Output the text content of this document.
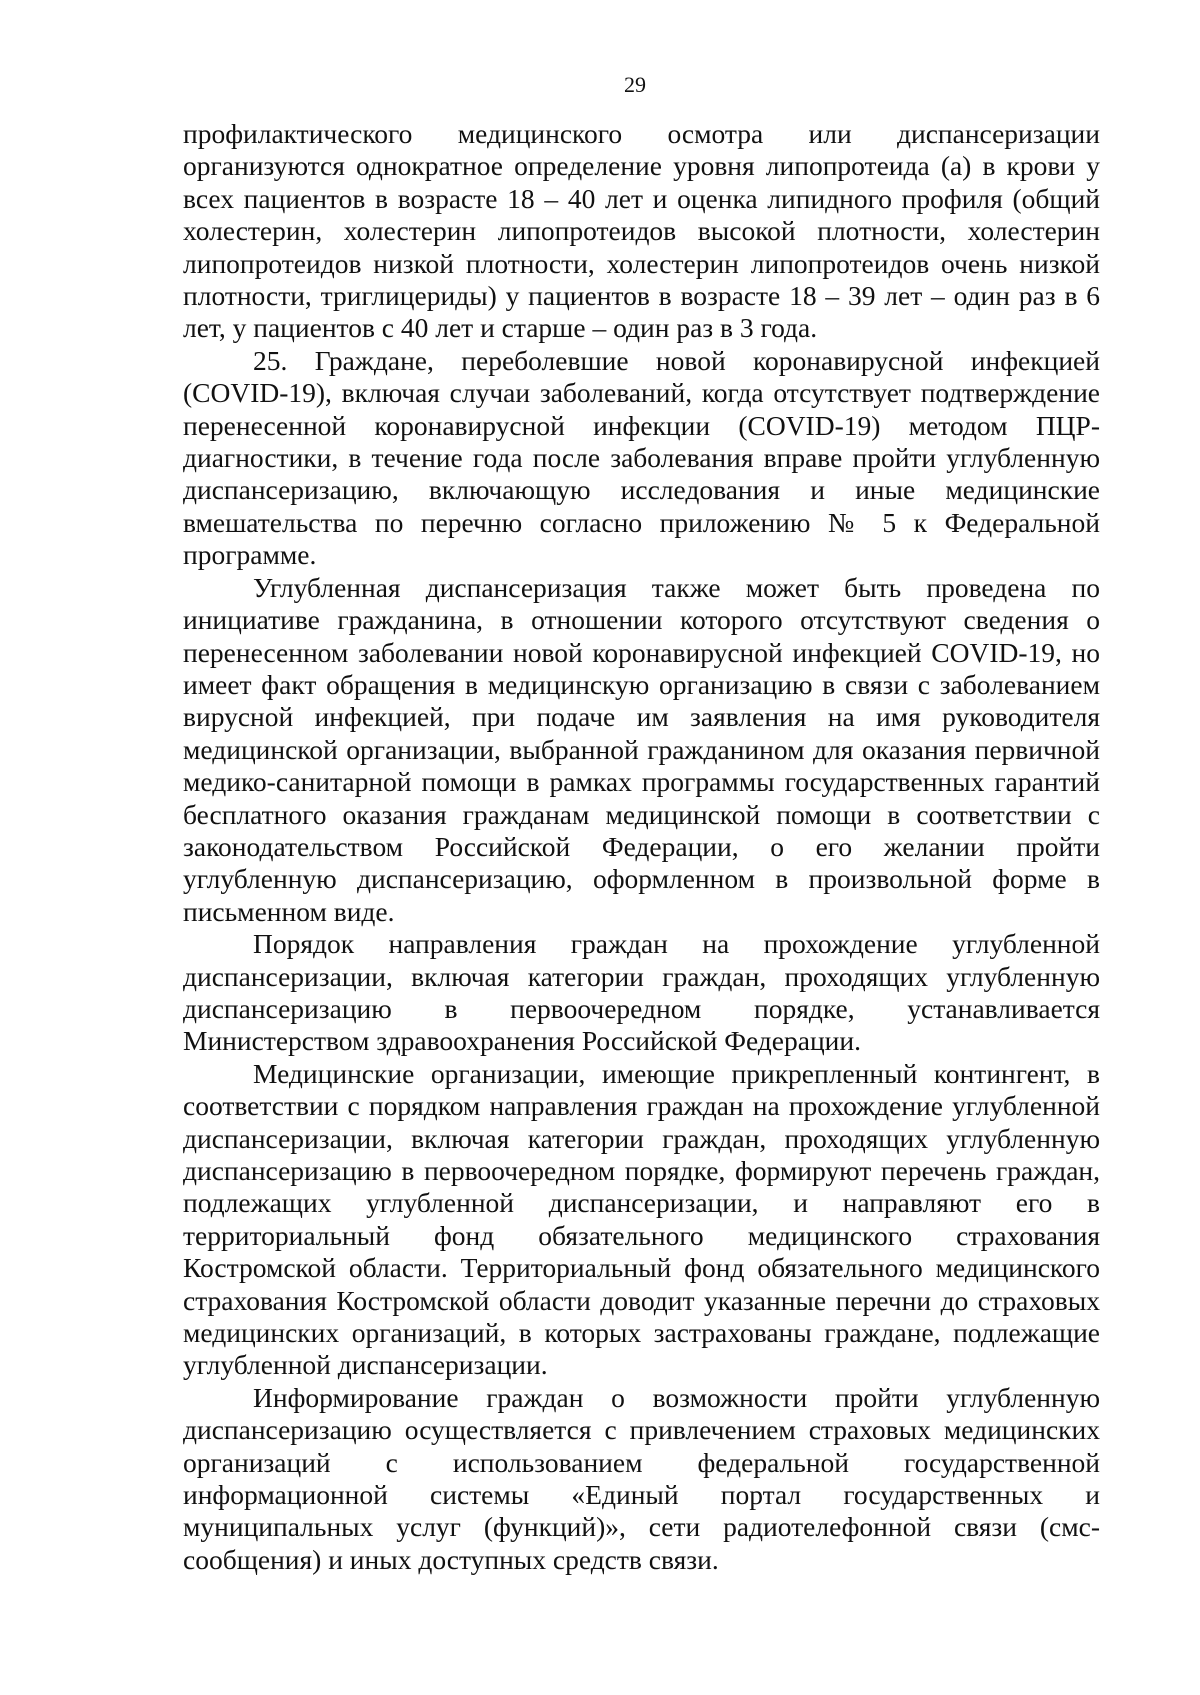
29

профилактического медицинского осмотра или диспансеризации организуются однократное определение уровня липопротеида (а) в крови у всех пациентов в возрасте 18 – 40 лет и оценка липидного профиля (общий холестерин, холестерин липопротеидов высокой плотности, холестерин липопротеидов низкой плотности, холестерин липопротеидов очень низкой плотности, триглицериды) у пациентов в возрасте 18 – 39 лет – один раз в 6 лет, у пациентов с 40 лет и старше – один раз в 3 года.

25. Граждане, переболевшие новой коронавирусной инфекцией (COVID-19), включая случаи заболеваний, когда отсутствует подтверждение перенесенной коронавирусной инфекции (COVID-19) методом ПЦР-диагностики, в течение года после заболевания вправе пройти углубленную диспансеризацию, включающую исследования и иные медицинские вмешательства по перечню согласно приложению № 5 к Федеральной программе.

Углубленная диспансеризация также может быть проведена по инициативе гражданина, в отношении которого отсутствуют сведения о перенесенном заболевании новой коронавирусной инфекцией COVID-19, но имеет факт обращения в медицинскую организацию в связи с заболеванием вирусной инфекцией, при подаче им заявления на имя руководителя медицинской организации, выбранной гражданином для оказания первичной медико-санитарной помощи в рамках программы государственных гарантий бесплатного оказания гражданам медицинской помощи в соответствии с законодательством Российской Федерации, о его желании пройти углубленную диспансеризацию, оформленном в произвольной форме в письменном виде.

Порядок направления граждан на прохождение углубленной диспансеризации, включая категории граждан, проходящих углубленную диспансеризацию в первоочередном порядке, устанавливается Министерством здравоохранения Российской Федерации.

Медицинские организации, имеющие прикрепленный контингент, в соответствии с порядком направления граждан на прохождение углубленной диспансеризации, включая категории граждан, проходящих углубленную диспансеризацию в первоочередном порядке, формируют перечень граждан, подлежащих углубленной диспансеризации, и направляют его в территориальный фонд обязательного медицинского страхования Костромской области. Территориальный фонд обязательного медицинского страхования Костромской области доводит указанные перечни до страховых медицинских организаций, в которых застрахованы граждане, подлежащие углубленной диспансеризации.

Информирование граждан о возможности пройти углубленную диспансеризацию осуществляется с привлечением страховых медицинских организаций с использованием федеральной государственной информационной системы «Единый портал государственных и муниципальных услуг (функций)», сети радиотелефонной связи (смс-сообщения) и иных доступных средств связи.
